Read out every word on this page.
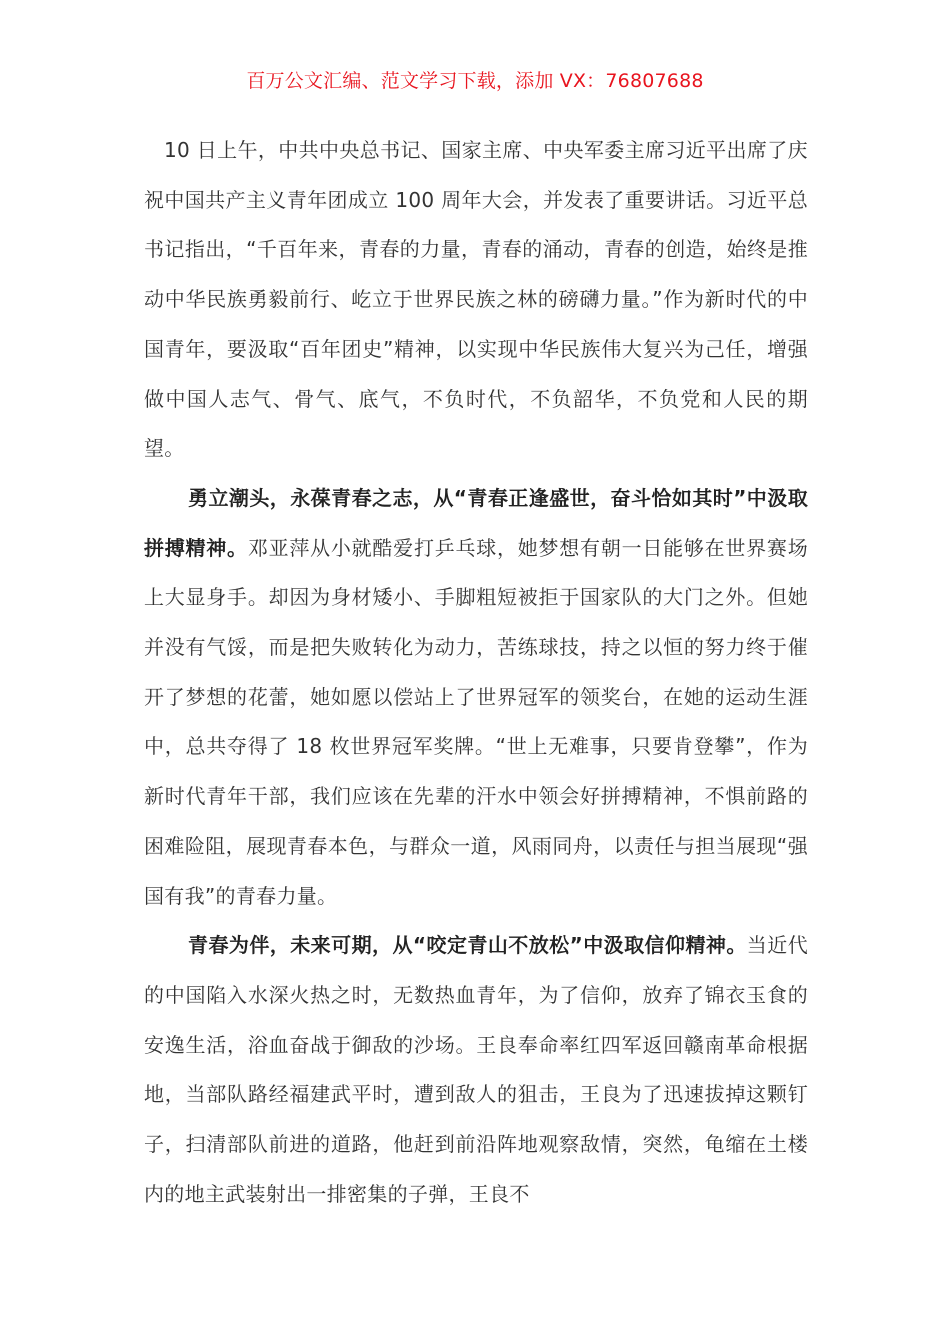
百万公文汇编、范文学习下载，添加 VX：76807688

10 日上午，中共中央总书记、国家主席、中央军委主席习近平出席了庆祝中国共产主义青年团成立 100 周年大会，并发表了重要讲话。习近平总书记指出，“千百年来，青春的力量，青春的涌动，青春的创造，始终是推动中华民族勇毅前行、屹立于世界民族之林的磅礴力量。”作为新时代的中国青年，要汲取“百年团史”精神，以实现中华民族伟大复兴为己任，增强做中国人志气、骨气、底气，不负时代，不负韶华，不负党和人民的期望。

勇立潮头，永葆青春之志，从“青春正逢盛世，奋斗恰如其时”中汲取拼搏精神。邓亚萍从小就酷爱打乒乓球，她梦想有朝一日能够在世界赛场上大显身手。却因为身材矮小、手脚粗短被拒于国家队的大门之外。但她并没有气馁，而是把失败转化为动力，苦练球技，持之以恒的努力终于催开了梦想的花蕾，她如愿以偿站上了世界冠军的领奖台，在她的运动生涯中，总共夺得了 18 枚世界冠军奖牌。“世上无难事，只要肯登攀”，作为新时代青年干部，我们应该在先辈的汗水中领会好拼搏精神，不惧前路的困难险阻，展现青春本色，与群众一道，风雨同舟，以责任与担当展现“强国有我”的青春力量。

青春为伴，未来可期，从“咬定青山不放松”中汲取信仰精神。当近代的中国陷入水深火热之时，无数热血青年，为了信仰，放弃了锦衣玉食的安逸生活，浴血奋战于御敌的沙场。王良奉命率红四军返回赣南革命根据地，当部队路经福建武平时，遭到敌人的狙击，王良为了迅速拔掉这颗钉子，扫清部队前进的道路，他赶到前沿阵地观察敌情，突然，龟缩在土楼内的地主武装射出一排密集的子弹，王良不
